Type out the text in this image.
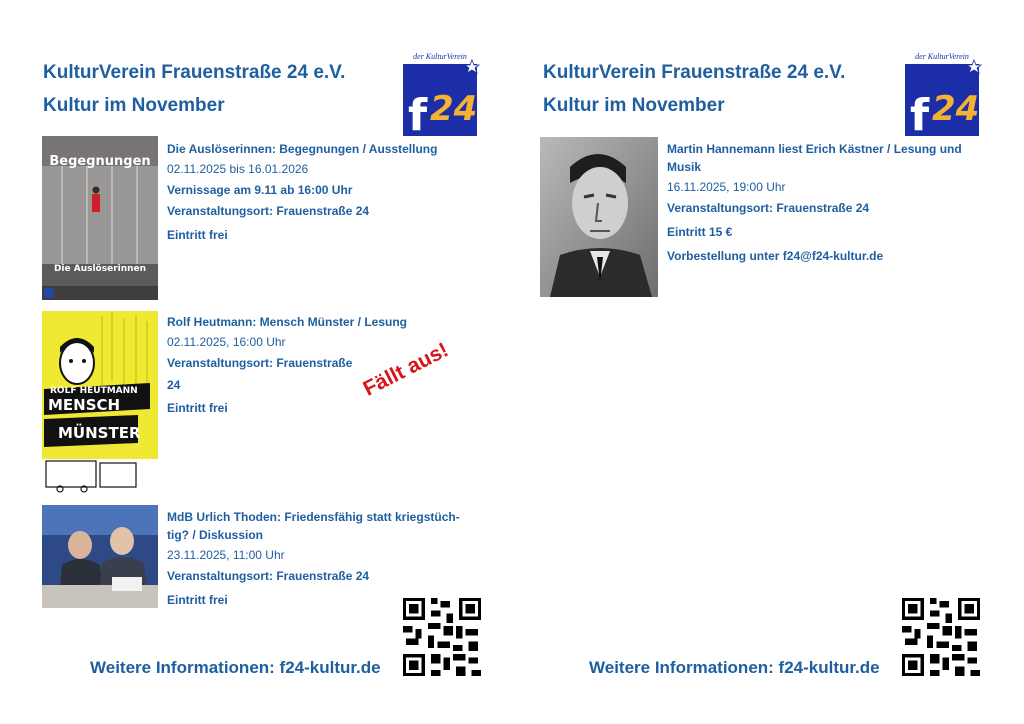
KulturVerein Frauenstraße 24 e.V.
Kultur im November
der KulturVerein
f 24
Begegnungen
Die Auslöserinnen
Die Auslöserinnen: Begegnungen / Ausstellung
02.11.2025 bis 16.01.2026
Vernissage am 9.11 ab 16:00 Uhr
Veranstaltungsort: Frauenstraße 24
Eintritt frei
ROLF HEUTMANN
MENSCH
MÜNSTER
Rolf Heutmann: Mensch Münster / Lesung
02.11.2025, 16:00 Uhr
Veranstaltungsort: Frauenstraße
24
Eintritt frei
Fällt aus!
MdB Urlich Thoden: Friedensfähig statt kriegstüch-
tig? / Diskussion
23.11.2025, 11:00 Uhr
Veranstaltungsort: Frauenstraße 24
Eintritt frei
Weitere Informationen: f24-kultur.de
KulturVerein Frauenstraße 24 e.V.
Kultur im November
der KulturVerein
f 24
Martin Hannemann liest Erich Kästner / Lesung und
Musik
16.11.2025, 19:00 Uhr
Veranstaltungsort: Frauenstraße 24
Eintritt 15 €
Vorbestellung unter f24@f24-kultur.de
Weitere Informationen: f24-kultur.de
